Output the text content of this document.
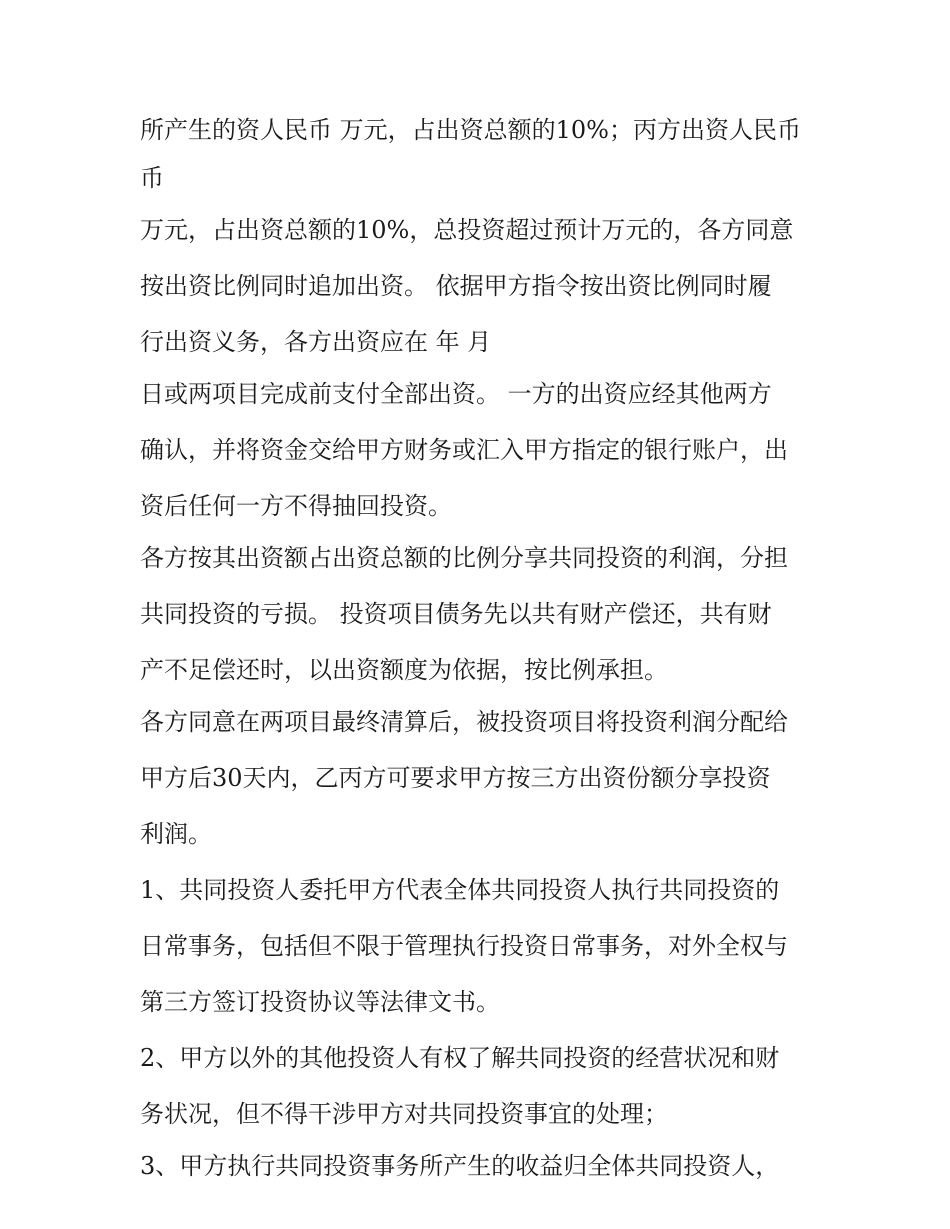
所产生的资人民币 万元，占出资总额的10%；丙方出资人民币
币
万元，占出资总额的10%，总投资超过预计万元的，各方同意
按出资比例同时追加出资。 依据甲方指令按出资比例同时履
行出资义务，各方出资应在 年 月
日或两项目完成前支付全部出资。 一方的出资应经其他两方
确认，并将资金交给甲方财务或汇入甲方指定的银行账户，出
资后任何一方不得抽回投资。
各方按其出资额占出资总额的比例分享共同投资的利润，分担
共同投资的亏损。 投资项目债务先以共有财产偿还，共有财
产不足偿还时，以出资额度为依据，按比例承担。
各方同意在两项目最终清算后，被投资项目将投资利润分配给
甲方后30天内，乙丙方可要求甲方按三方出资份额分享投资
利润。
1、共同投资人委托甲方代表全体共同投资人执行共同投资的
日常事务，包括但不限于管理执行投资日常事务，对外全权与
第三方签订投资协议等法律文书。
2、甲方以外的其他投资人有权了解共同投资的经营状况和财
务状况，但不得干涉甲方对共同投资事宜的处理；
3、甲方执行共同投资事务所产生的收益归全体共同投资人，
